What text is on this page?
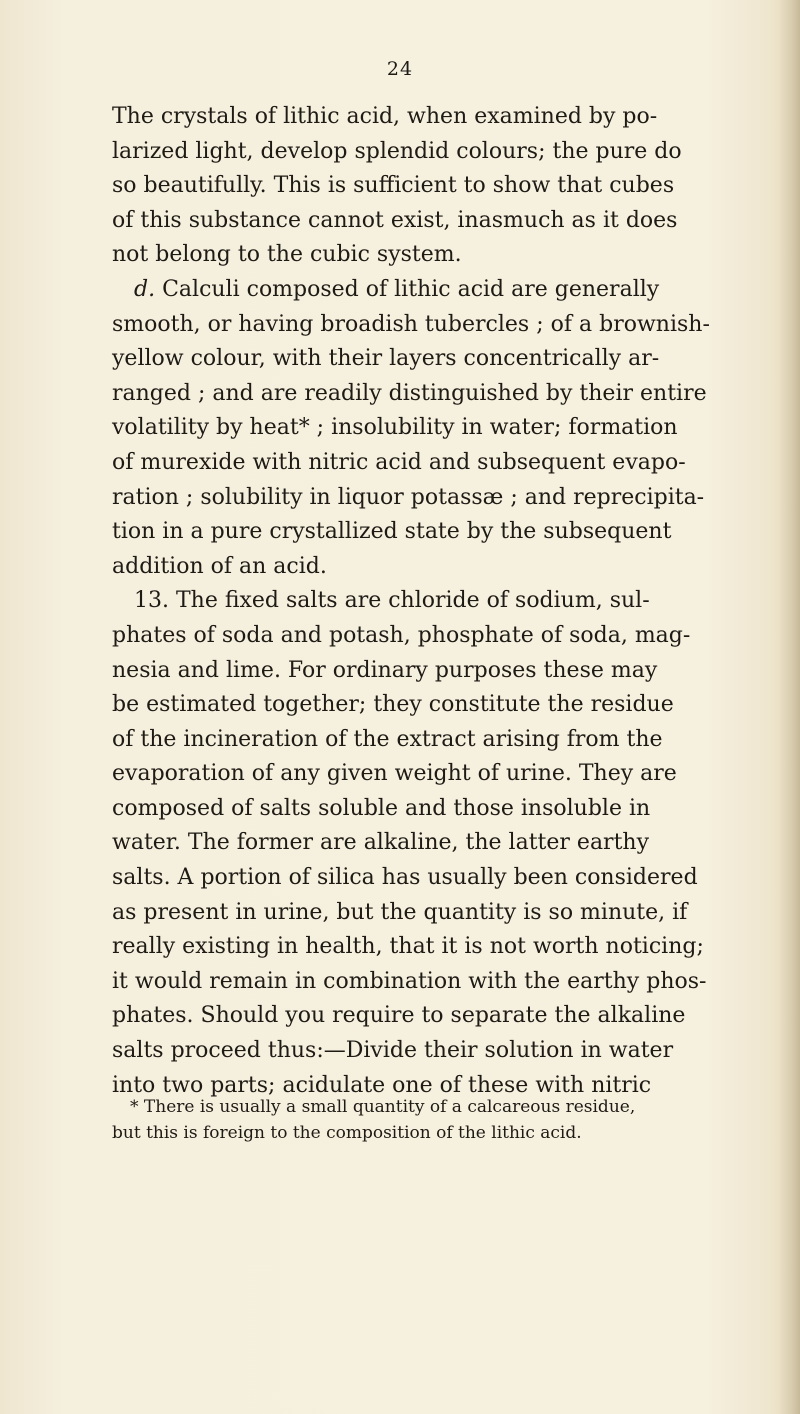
24
The crystals of lithic acid, when examined by po-
larized light, develop splendid colours; the pure do
so beautifully. This is sufficient to show that cubes
of this substance cannot exist, inasmuch as it does
not belong to the cubic system.
d. Calculi composed of lithic acid are generally
smooth, or having broadish tubercles ; of a brownish-
yellow colour, with their layers concentrically ar-
ranged ; and are readily distinguished by their entire
volatility by heat* ; insolubility in water; formation
of murexide with nitric acid and subsequent evapo-
ration ; solubility in liquor potassæ ; and reprecipita-
tion in a pure crystallized state by the subsequent
addition of an acid.
13. The fixed salts are chloride of sodium, sul-
phates of soda and potash, phosphate of soda, mag-
nesia and lime. For ordinary purposes these may
be estimated together; they constitute the residue
of the incineration of the extract arising from the
evaporation of any given weight of urine. They are
composed of salts soluble and those insoluble in
water. The former are alkaline, the latter earthy
salts. A portion of silica has usually been considered
as present in urine, but the quantity is so minute, if
really existing in health, that it is not worth noticing;
it would remain in combination with the earthy phos-
phates. Should you require to separate the alkaline
salts proceed thus:—Divide their solution in water
into two parts; acidulate one of these with nitric
* There is usually a small quantity of a calcareous residue,
but this is foreign to the composition of the lithic acid.
